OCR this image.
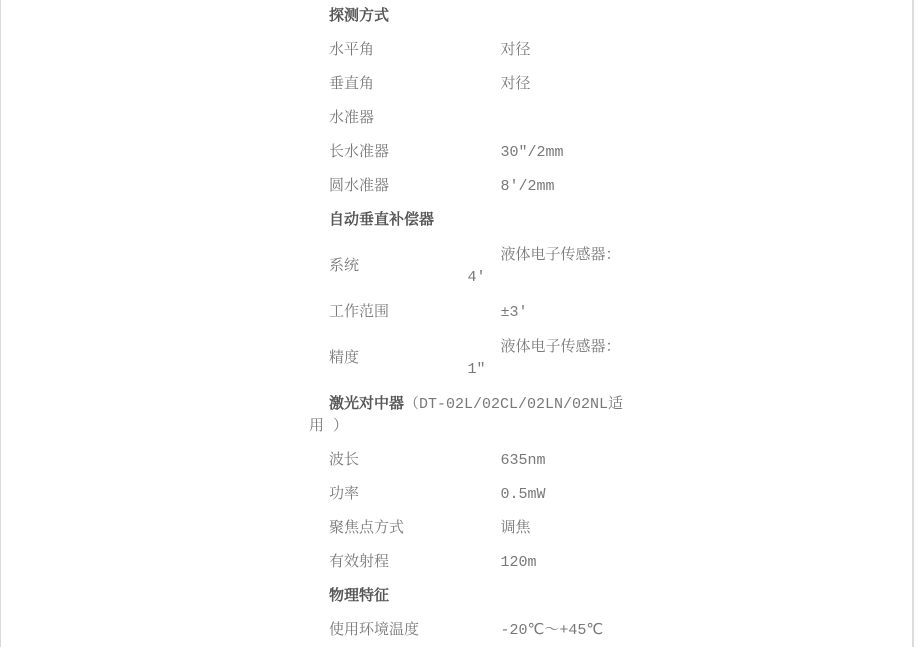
探测方式	
水平角	对径
垂直角	对径
水准器	
长水准器	30″/2mm
圆水准器	8′/2mm
自动垂直补偿器	
系统	液体电子传感器：
4′
工作范围	±3′
精度	液体电子传感器：
1″
激光对中器（DT-02L/02CL/02LN/02NL适用 ）	
波长	635nm
功率	0.5mW
聚焦点方式	调焦
有效射程	120m
物理特征	
使用环境温度	-20℃～+45℃
